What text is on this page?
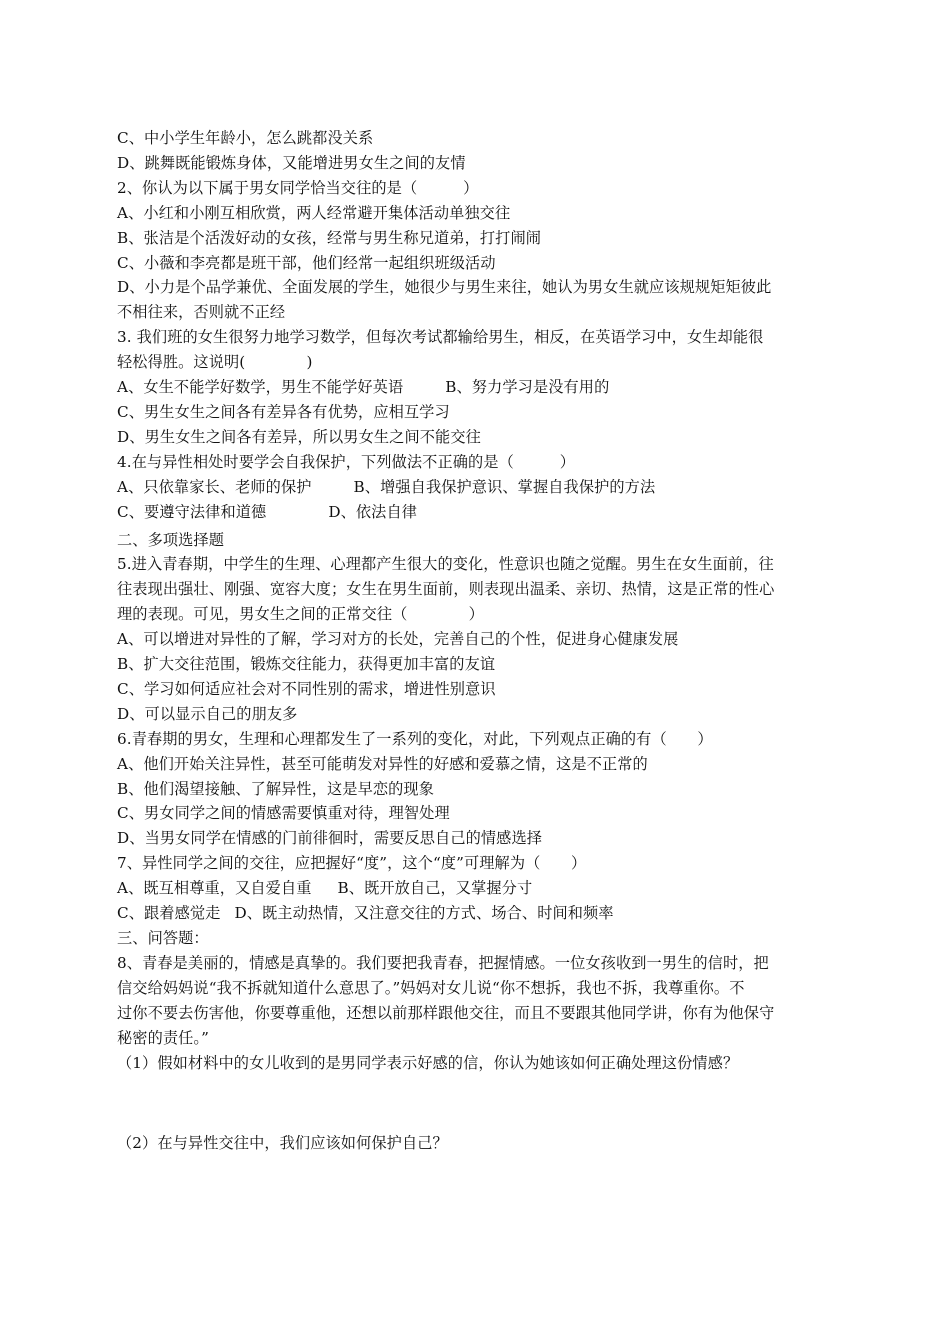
C、中小学生年龄小，怎么跳都没关系
D、跳舞既能锻炼身体，又能增进男女生之间的友情
2、你认为以下属于男女同学恰当交往的是（　　　）
A、小红和小刚互相欣赏，两人经常避开集体活动单独交往
B、张洁是个活泼好动的女孩，经常与男生称兄道弟，打打闹闹
C、小薇和李亮都是班干部，他们经常一起组织班级活动
D、小力是个品学兼优、全面发展的学生，她很少与男生来往，她认为男女生就应该规规矩矩彼此
不相往来，否则就不正经
3. 我们班的女生很努力地学习数学，但每次考试都输给男生，相反，在英语学习中，女生却能很
轻松得胜。这说明(　　　　)
A、女生不能学好数学，男生不能学好英语	B、努力学习是没有用的
C、男生女生之间各有差异各有优势，应相互学习
D、男生女生之间各有差异，所以男女生之间不能交往
4.在与异性相处时要学会自我保护，下列做法不正确的是（　　　）
A、只依靠家长、老师的保护	B、增强自我保护意识、掌握自我保护的方法
C、要遵守法律和道德	D、依法自律
二、多项选择题
5.进入青春期，中学生的生理、心理都产生很大的变化，性意识也随之觉醒。男生在女生面前，往
往表现出强壮、刚强、宽容大度；女生在男生面前，则表现出温柔、亲切、热情，这是正常的性心
理的表现。可见，男女生之间的正常交往（　　　　）
A、可以增进对异性的了解，学习对方的长处，完善自己的个性，促进身心健康发展
B、扩大交往范围，锻炼交往能力，获得更加丰富的友谊
C、学习如何适应社会对不同性别的需求，增进性别意识
D、可以显示自己的朋友多
6.青春期的男女，生理和心理都发生了一系列的变化，对此，下列观点正确的有（　　）
A、他们开始关注异性，甚至可能萌发对异性的好感和爱慕之情，这是不正常的
B、他们渴望接触、了解异性，这是早恋的现象
C、男女同学之间的情感需要慎重对待，理智处理
D、当男女同学在情感的门前徘徊时，需要反思自己的情感选择
7、异性同学之间的交往，应把握好“度”，这个“度”可理解为（　　）
A、既互相尊重，又自爱自重 B、既开放自己，又掌握分寸
C、跟着感觉走 D、既主动热情，又注意交往的方式、场合、时间和频率
三、问答题：
8、青春是美丽的，情感是真挚的。我们要把我青春，把握情感。一位女孩收到一男生的信时，把
信交给妈妈说“我不拆就知道什么意思了。”妈妈对女儿说“你不想拆，我也不拆，我尊重你。不
过你不要去伤害他，你要尊重他，还想以前那样跟他交往，而且不要跟其他同学讲，你有为他保守
秘密的责任。”
（1）假如材料中的女儿收到的是男同学表示好感的信，你认为她该如何正确处理这份情感？
（2）在与异性交往中，我们应该如何保护自己？
